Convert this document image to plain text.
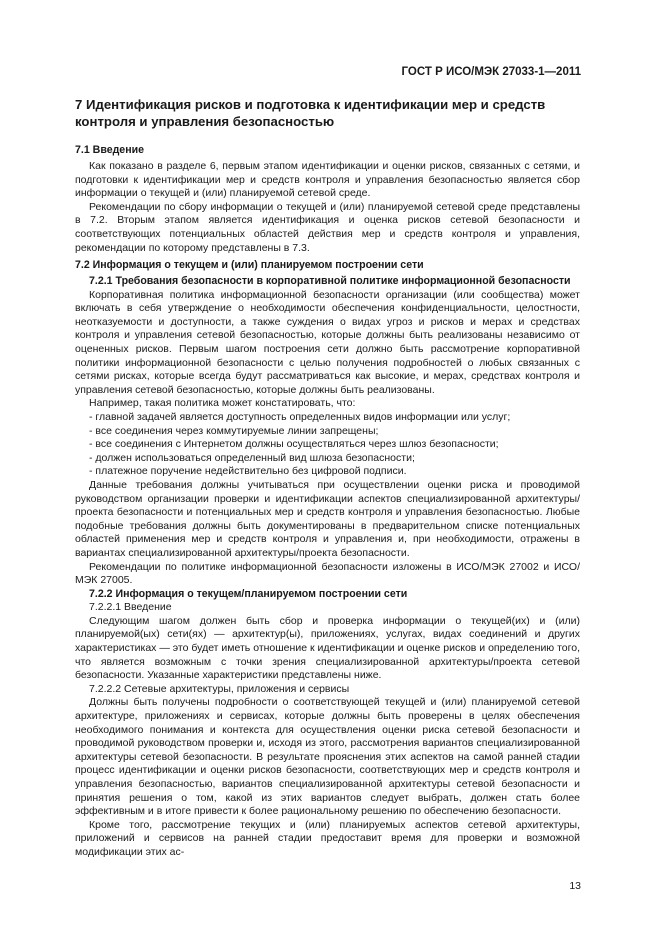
ГОСТ Р ИСО/МЭК 27033-1—2011
7 Идентификация рисков и подготовка к идентификации мер и средств контроля и управления безопасностью
7.1 Введение

Как показано в разделе 6, первым этапом идентификации и оценки рисков, связанных с сетями, и подготовки к идентификации мер и средств контроля и управления безопасностью является сбор информации о текущей и (или) планируемой сетевой среде.

Рекомендации по сбору информации о текущей и (или) планируемой сетевой среде представлены в 7.2. Вторым этапом является идентификация и оценка рисков сетевой безопасности и соответствующих потенциальных областей действия мер и средств контроля и управления, рекомендации по которому представлены в 7.3.

7.2 Информация о текущем и (или) планируемом построении сети
7.2.1 Требования безопасности в корпоративной политике информационной безопасности

Корпоративная политика информационной безопасности организации (или сообщества) может включать в себя утверждение о необходимости обеспечения конфиденциальности, целостности, неотказуемости и доступности, а также суждения о видах угроз и рисков и мерах и средствах контроля и управления сетевой безопасностью, которые должны быть реализованы независимо от оцененных рисков. Первым шагом построения сети должно быть рассмотрение корпоративной политики информационной безопасности с целью получения подробностей о любых связанных с сетями рисках, которые всегда будут рассматриваться как высокие, и мерах, средствах контроля и управления сетевой безопасностью, которые должны быть реализованы.

Например, такая политика может констатировать, что:

- главной задачей является доступность определенных видов информации или услуг;

- все соединения через коммутируемые линии запрещены;

- все соединения с Интернетом должны осуществляться через шлюз безопасности;

- должен использоваться определенный вид шлюза безопасности;

- платежное поручение недействительно без цифровой подписи.

Данные требования должны учитываться при осуществлении оценки риска и проводимой руководством организации проверки и идентификации аспектов специализированной архитектуры/проекта безопасности и потенциальных мер и средств контроля и управления безопасностью. Любые подобные требования должны быть документированы в предварительном списке потенциальных областей применения мер и средств контроля и управления и, при необходимости, отражены в вариантах специализированной архитектуры/проекта безопасности.

Рекомендации по политике информационной безопасности изложены в ИСО/МЭК 27002 и ИСО/МЭК 27005.

7.2.2 Информация о текущем/планируемом построении сети
7.2.2.1 Введение

Следующим шагом должен быть сбор и проверка информации о текущей(их) и (или) планируемой(ых) сети(ях) — архитектур(ы), приложениях, услугах, видах соединений и других характеристиках — это будет иметь отношение к идентификации и оценке рисков и определению того, что является возможным с точки зрения специализированной архитектуры/проекта сетевой безопасности. Указанные характеристики представлены ниже.

7.2.2.2 Сетевые архитектуры, приложения и сервисы

Должны быть получены подробности о соответствующей текущей и (или) планируемой сетевой архитектуре, приложениях и сервисах, которые должны быть проверены в целях обеспечения необходимого понимания и контекста для осуществления оценки риска сетевой безопасности и проводимой руководством проверки и, исходя из этого, рассмотрения вариантов специализированной архитектуры сетевой безопасности. В результате прояснения этих аспектов на самой ранней стадии процесс идентификации и оценки рисков безопасности, соответствующих мер и средств контроля и управления безопасностью, вариантов специализированной архитектуры сетевой безопасности и принятия решения о том, какой из этих вариантов следует выбрать, должен стать более эффективным и в итоге привести к более рациональному решению по обеспечению безопасности.

Кроме того, рассмотрение текущих и (или) планируемых аспектов сетевой архитектуры, приложений и сервисов на ранней стадии предоставит время для проверки и возможной модификации этих ас-

13
